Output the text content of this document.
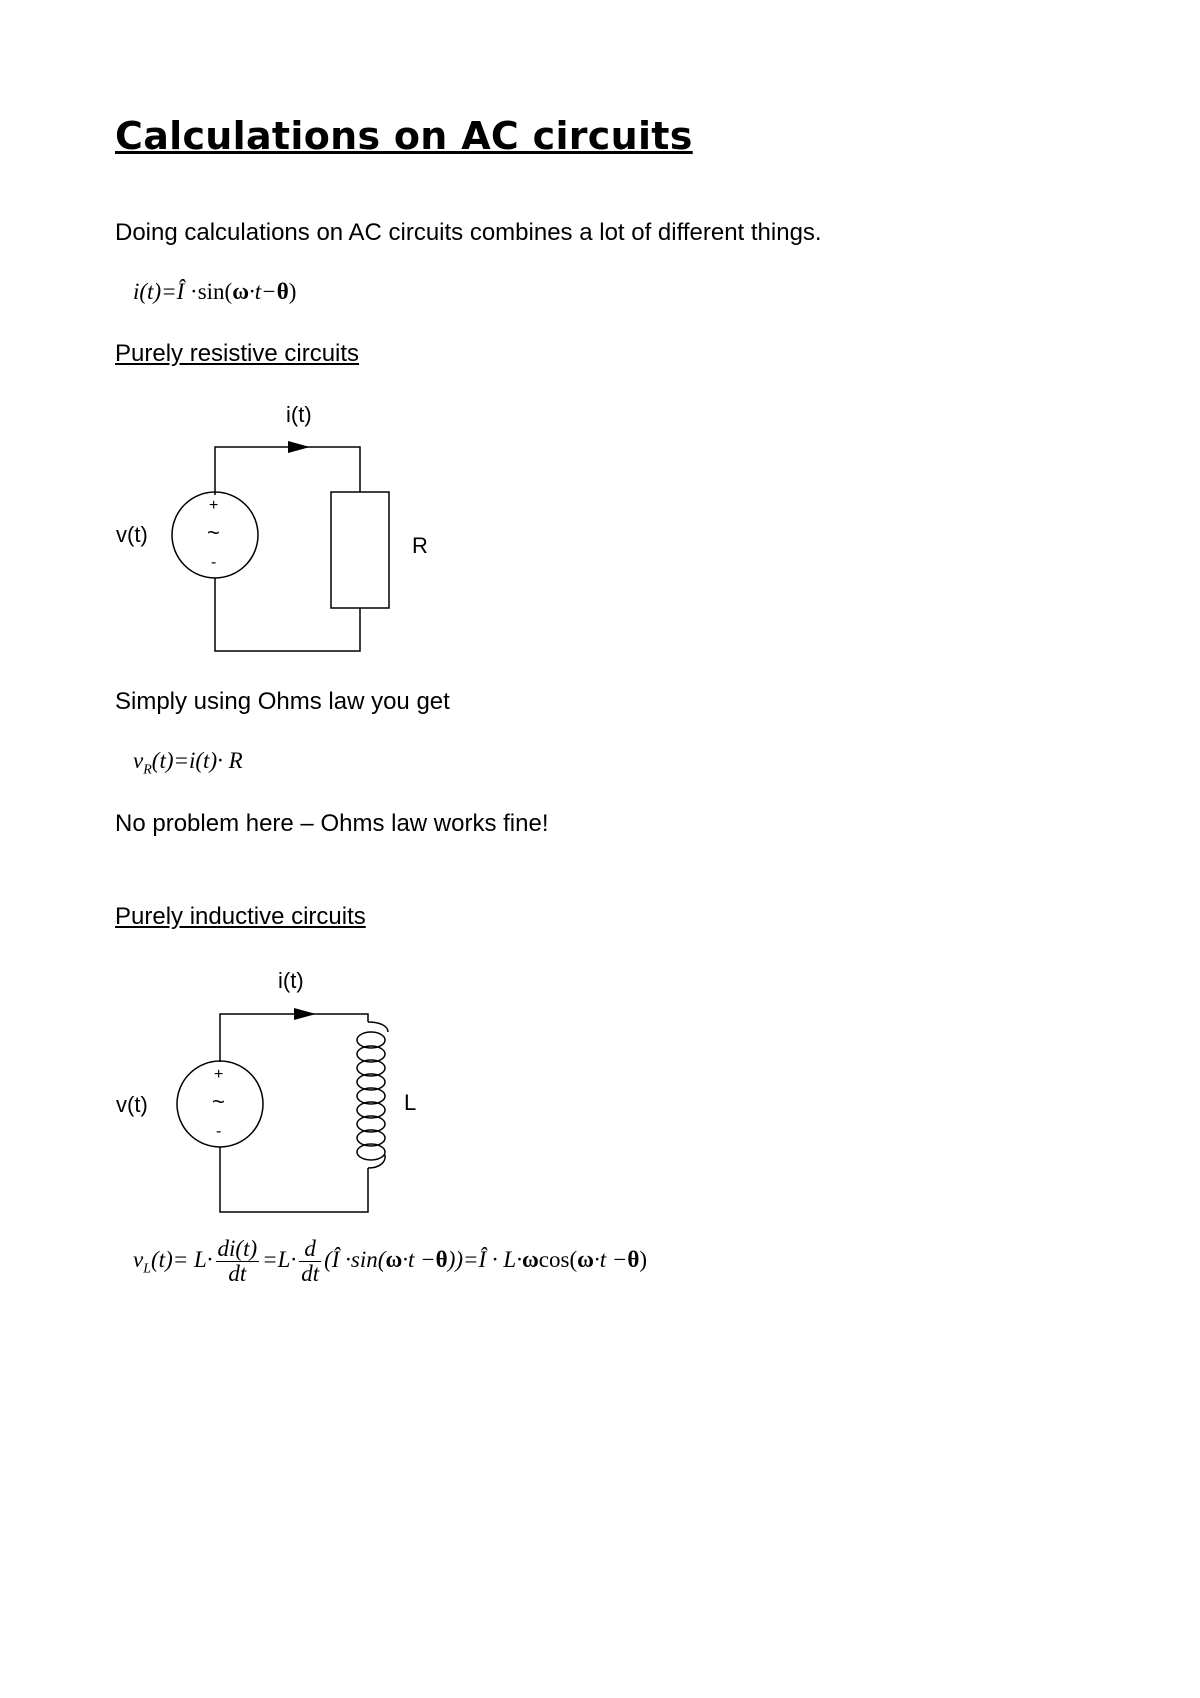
Calculations on AC circuits
Doing calculations on AC circuits combines a lot of different things.
i(t)=Î ·sin(ω·t−θ)
Purely resistive circuits
i(t)
+
~
-
v(t)	R
Simply using Ohms law you get
$v_R(t)=i(t)\cdot R$
No problem here – Ohms law works fine!
Purely inductive circuits
i(t)
+
~
-
v(t)	L
$v_L(t)= L\cdot \frac{di(t)}{dt} =L\cdot \frac{d}{dt}$ (Î ·sin(ω·t −θ))=Î · L·ωcos(ω·t −θ)
